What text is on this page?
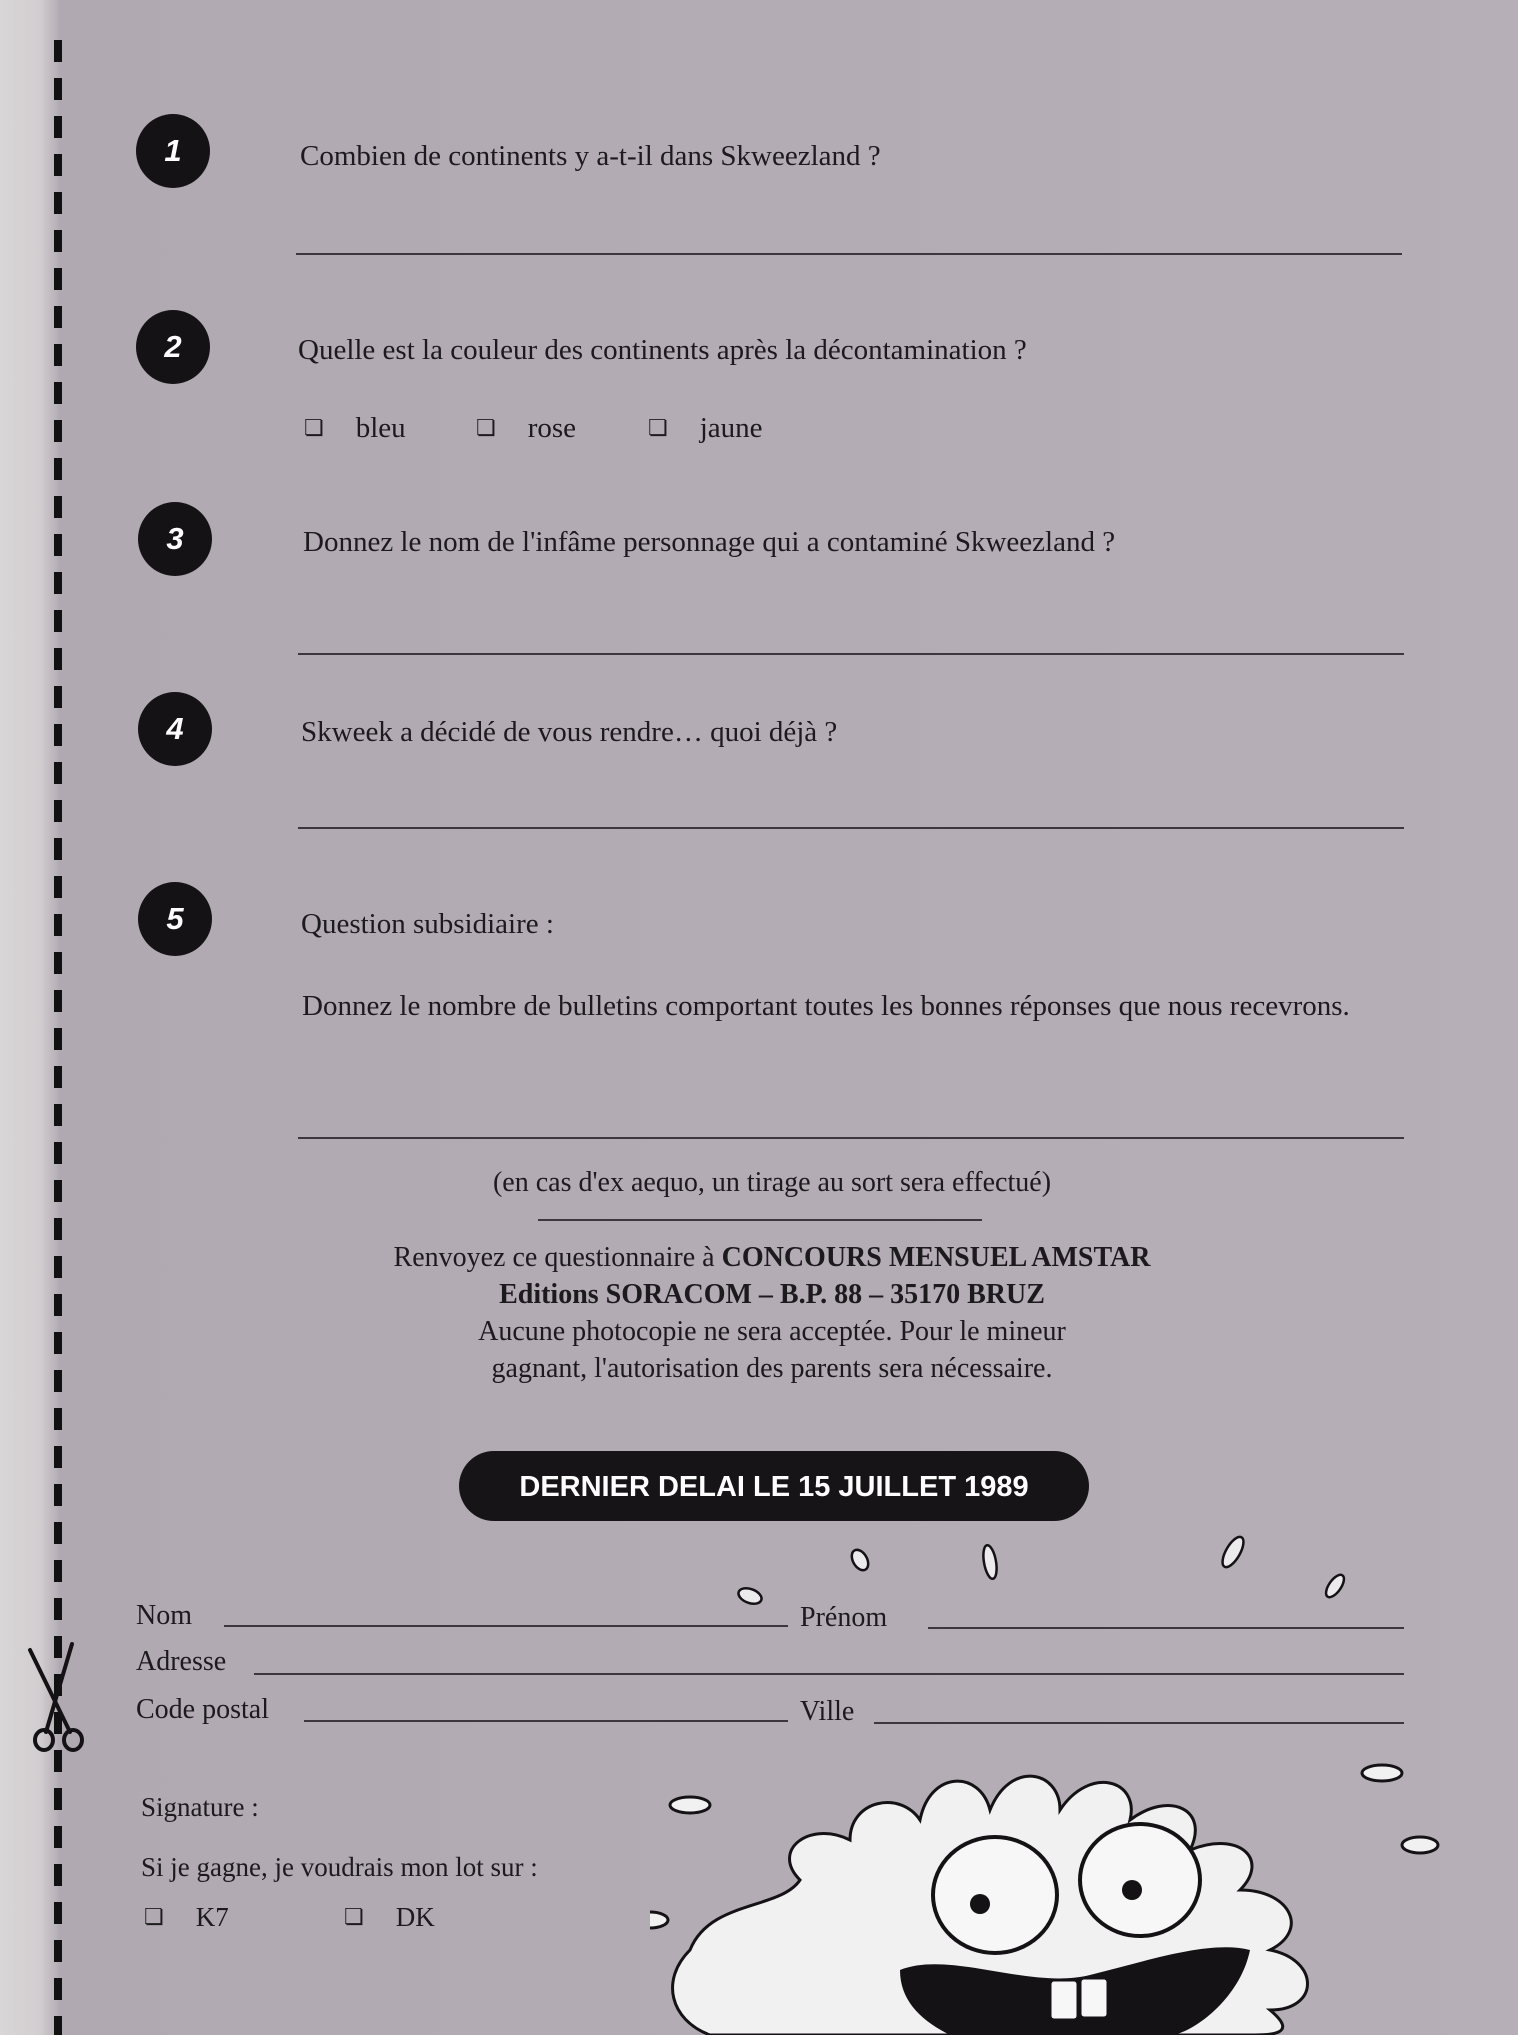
1	Combien de continents y a-t-il dans Skweezland ?
2	Quelle est la couleur des continents après la décontamination ?
❏ bleu	❏ rose	❏ jaune
3	Donnez le nom de l'infâme personnage qui a contaminé Skweezland ?
4	Skweek a décidé de vous rendre… quoi déjà ?
5	Question subsidiaire :
Donnez le nombre de bulletins comportant toutes les bonnes réponses que nous recevrons.
(en cas d'ex aequo, un tirage au sort sera effectué)
Renvoyez ce questionnaire à CONCOURS MENSUEL AMSTAR
Editions SORACOM – B.P. 88 – 35170 BRUZ
Aucune photocopie ne sera acceptée. Pour le mineur
gagnant, l'autorisation des parents sera nécessaire.
DERNIER DELAI LE 15 JUILLET 1989
Nom	Prénom
Adresse
Code postal	Ville
Signature :
Si je gagne, je voudrais mon lot sur :
❏ K7	❏ DK
